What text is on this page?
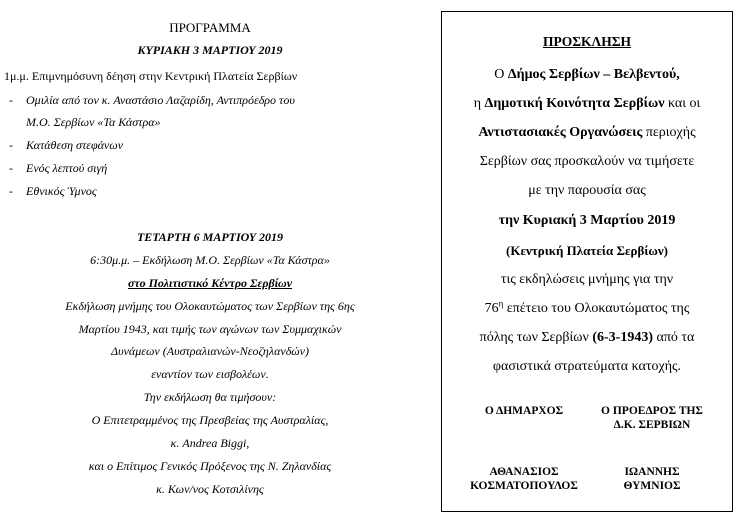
ΠΡΟΓΡΑΜΜΑ
ΚΥΡΙΑΚΗ 3 ΜΑΡΤΙΟΥ 2019
1μ.μ. Επιμνημόσυνη δέηση στην Κεντρική Πλατεία Σερβίων
- Ομιλία από τον κ. Αναστάσιο Λαζαρίδη, Αντιπρόεδρο του
Μ.Ο. Σερβίων «Τα Κάστρα»
- Κατάθεση στεφάνων
- Ενός λεπτού σιγή
- Εθνικός Ύμνος
ΤΕΤΑΡΤΗ 6 ΜΑΡΤΙΟΥ 2019
6:30μ.μ. – Εκδήλωση Μ.Ο. Σερβίων «Τα Κάστρα»
στο Πολιτιστικό Κέντρο Σερβίων
Εκδήλωση μνήμης του Ολοκαυτώματος των Σερβίων της 6ης
Μαρτίου 1943, και τιμής των αγώνων των Συμμαχικών
Δυνάμεων (Αυστραλιανών-Νεοζηλανδών)
εναντίον των εισβολέων.
Την εκδήλωση θα τιμήσουν:
Ο Επιτετραμμένος της Πρεσβείας της Αυστραλίας,
κ. Andrea Biggi,
και ο Επίτιμος Γενικός Πρόξενος της Ν. Ζηλανδίας
κ. Κων/νος Κοτσιλίνης
ΠΡΟΣΚΛΗΣΗ
Ο Δήμος Σερβίων – Βελβεντού,
η Δημοτική Κοινότητα Σερβίων και οι
Αντιστασιακές Οργανώσεις περιοχής
Σερβίων σας προσκαλούν να τιμήσετε
με την παρουσία σας
την Κυριακή 3 Μαρτίου 2019
(Κεντρική Πλατεία Σερβίων)
τις εκδηλώσεις μνήμης για την
$76^\eta$ επέτειο του Ολοκαυτώματος της
πόλης των Σερβίων (6-3-1943) από τα
φασιστικά στρατεύματα κατοχής.
Ο ΔΗΜΑΡΧΟΣ	Ο ΠΡΟΕΔΡΟΣ ΤΗΣ
Δ.Κ. ΣΕΡΒΙΩΝ
ΑΘΑΝΑΣΙΟΣ
ΚΟΣΜΑΤΟΠΟΥΛΟΣ
ΙΩΑΝΝΗΣ
ΘΥΜΝΙΟΣ
